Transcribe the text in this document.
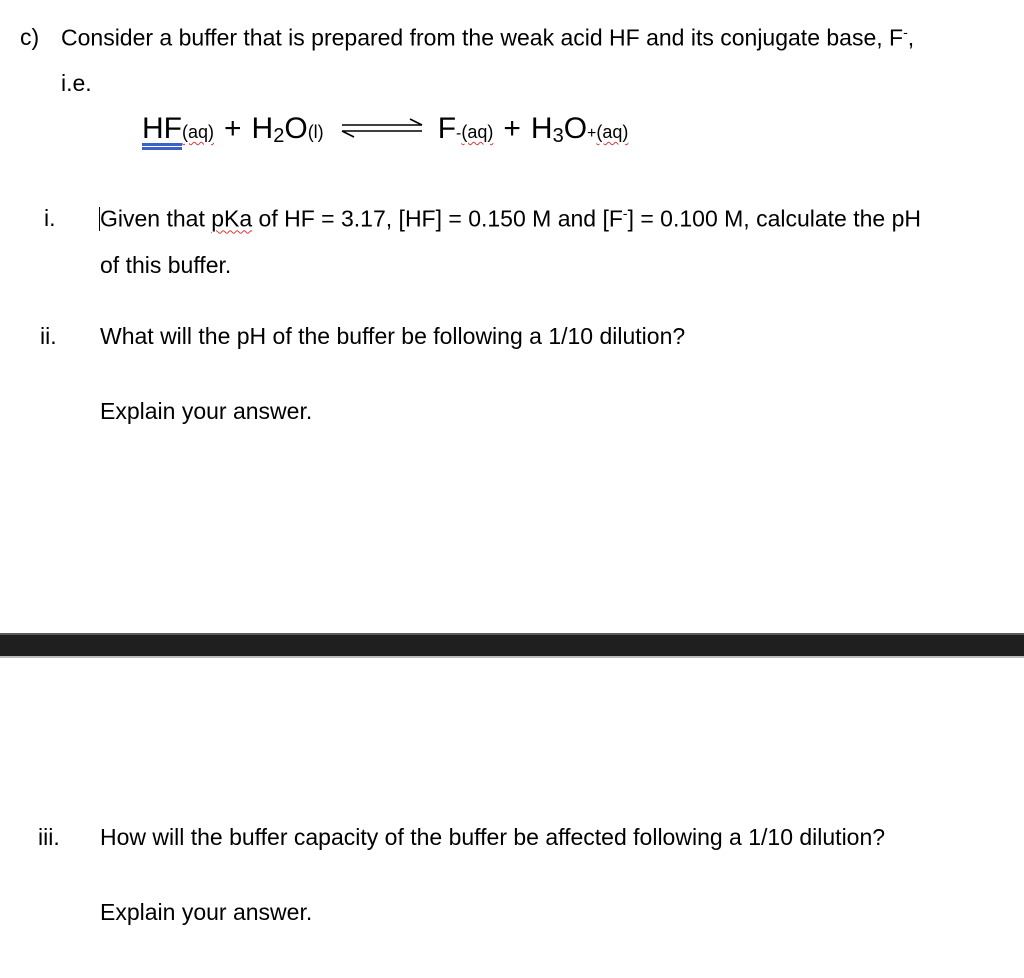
c) Consider a buffer that is prepared from the weak acid HF and its conjugate base, F-,
i.e.
HF (aq) + H2O (l) ⇌ F - (aq) + H3O + (aq)
i. Given that pKa of HF = 3.17, [HF] = 0.150 M and [F-] = 0.100 M, calculate the pH
of this buffer.
ii. What will the pH of the buffer be following a 1/10 dilution?
Explain your answer.
iii. How will the buffer capacity of the buffer be affected following a 1/10 dilution?
Explain your answer.
